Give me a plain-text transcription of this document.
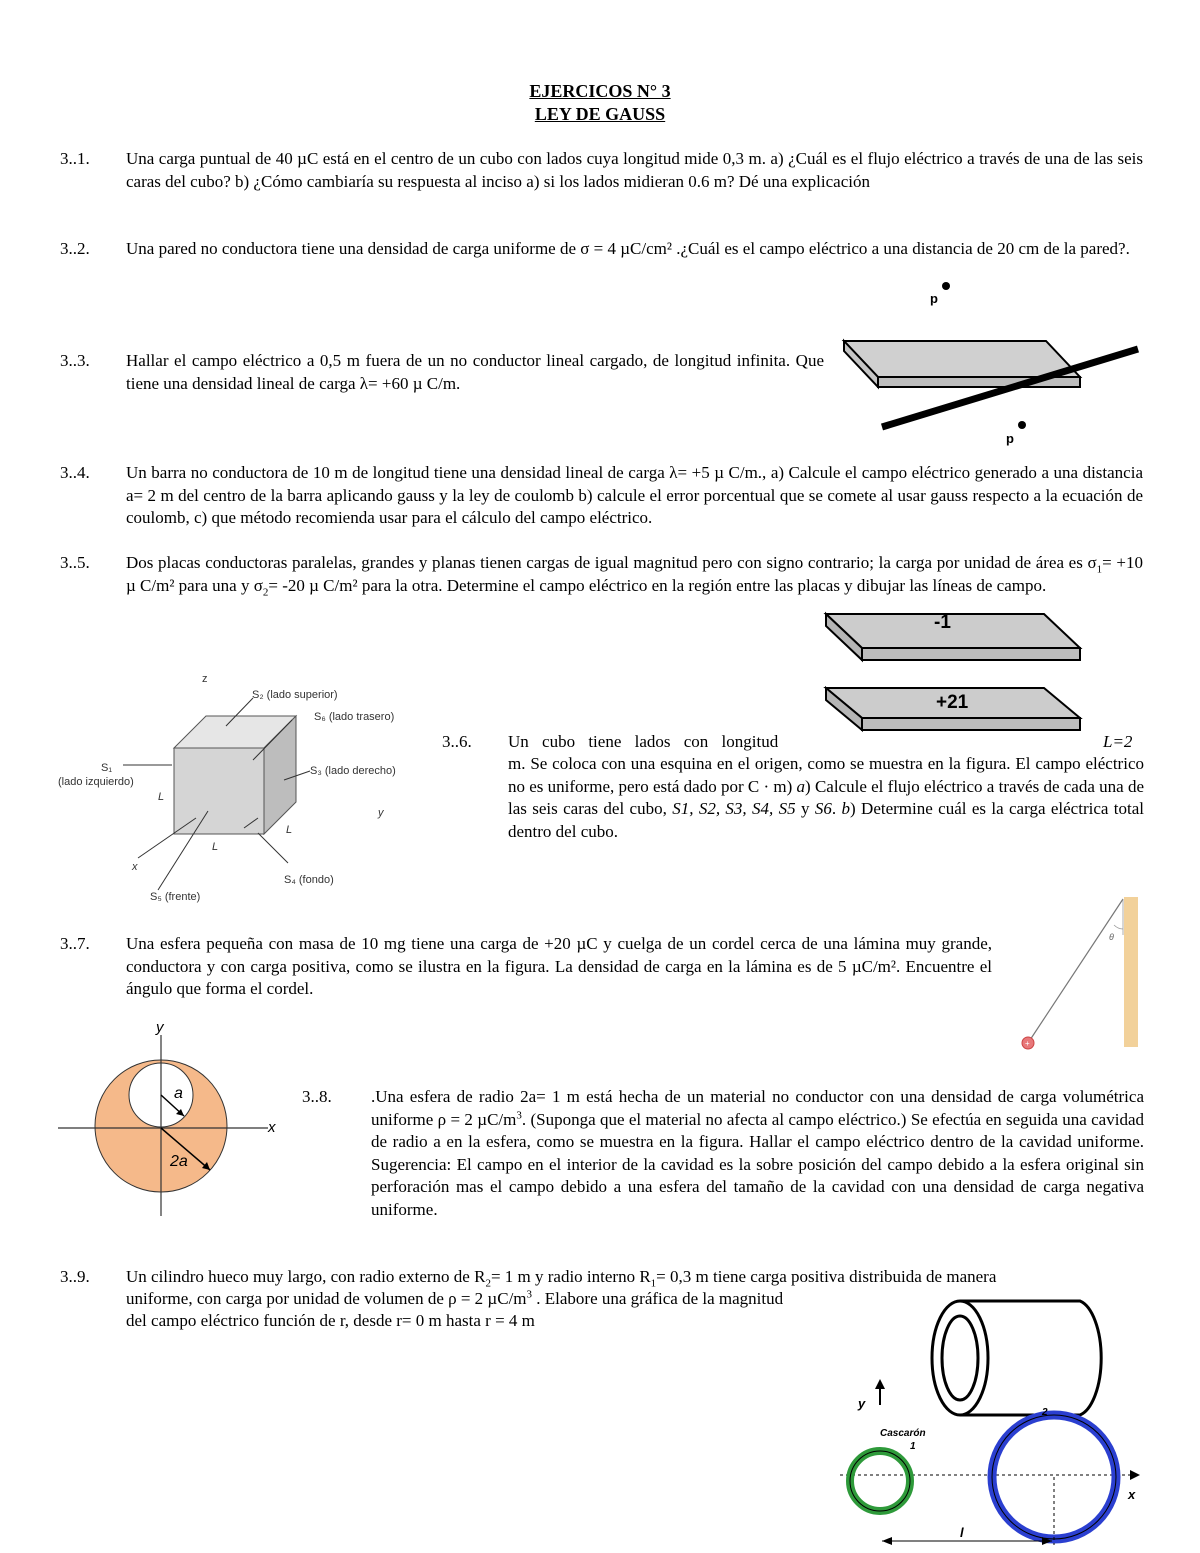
EJERCICOS N° 3
LEY DE GAUSS
3..1. Una carga puntual de 40 µC está en el centro de un cubo con lados cuya longitud mide 0,3 m. a) ¿Cuál es el flujo eléctrico a través de una de las seis caras del cubo? b) ¿Cómo cambiaría su respuesta al inciso a) si los lados midieran 0.6 m? Dé una explicación
3..2. Una pared no conductora tiene una densidad de carga uniforme de σ = 4 µC/cm² .¿Cuál es el campo eléctrico a una distancia de 20 cm de la pared?.
3..3. Hallar el campo eléctrico a 0,5 m fuera de un no conductor lineal cargado, de longitud infinita. Que tiene una densidad lineal de carga λ= +60 µ C/m.
p
p
3..4. Un barra no conductora de 10 m de longitud tiene una densidad lineal de carga λ= +5 µ C/m., a) Calcule el campo eléctrico generado a una distancia a= 2 m del centro de la barra aplicando gauss y la ley de coulomb b) calcule el error porcentual que se comete al usar gauss respecto a la ecuación de coulomb, c) que método recomienda usar para el cálculo del campo eléctrico.
3..5. Dos placas conductoras paralelas, grandes y planas tienen cargas de igual magnitud pero con signo contrario; la carga por unidad de área es $\sigma_1= +10$ µ C/m² para una y $\sigma_2= -20$ µ C/m² para la otra. Determine el campo eléctrico en la región entre las placas y dibujar las líneas de campo.
-1
+21
z
S₂ (lado superior)
S₆ (lado trasero)
S₁
(lado izquierdo)
L
S₃ (lado derecho)
y
L
L
x
S₄ (fondo)
S₅ (frente)
3..6. Un cubo tiene lados con longitud	L=2
m. Se coloca con una esquina en el origen, como se muestra en la figura. El campo eléctrico no es uniforme, pero está dado por C · m) a) Calcule el flujo eléctrico a través de cada una de las seis caras del cubo, S1, S2, S3, S4, S5 y S6. b) Determine cuál es la carga eléctrica total dentro del cubo.
3..7. Una esfera pequeña con masa de 10 mg tiene una carga de +20 µC y cuelga de un cordel cerca de una lámina muy grande, conductora y con carga positiva, como se ilustra en la figura. La densidad de carga en la lámina es de 5 µC/m². Encuentre el ángulo que forma el cordel.
θ
+
y
x
a
2a
3..8. .Una esfera de radio 2a= 1 m está hecha de un material no conductor con una densidad de carga volumétrica uniforme ρ = 2 $\mu C/m^3$. (Suponga que el material no afecta al campo eléctrico.) Se efectúa en seguida una cavidad de radio a en la esfera, como se muestra en la figura. Hallar el campo eléctrico dentro de la cavidad uniforme. Sugerencia: El campo en el interior de la cavidad es la sobre posición del campo debido a la esfera original sin perforación mas el campo debido a una esfera del tamaño de la cavidad con una densidad de carga negativa uniforme.
3..9. Un cilindro hueco muy largo, con radio externo de $R_2= 1$ m y radio interno $R_1= 0,3$ m tiene carga positiva distribuida de manera
uniforme, con carga por unidad de volumen de ρ = 2 $\mu C/m^3$ . Elabore una gráfica de la magnitud
del campo eléctrico función de r, desde r= 0 m hasta r = 4 m
y
x
Cascarón
1
2
l
